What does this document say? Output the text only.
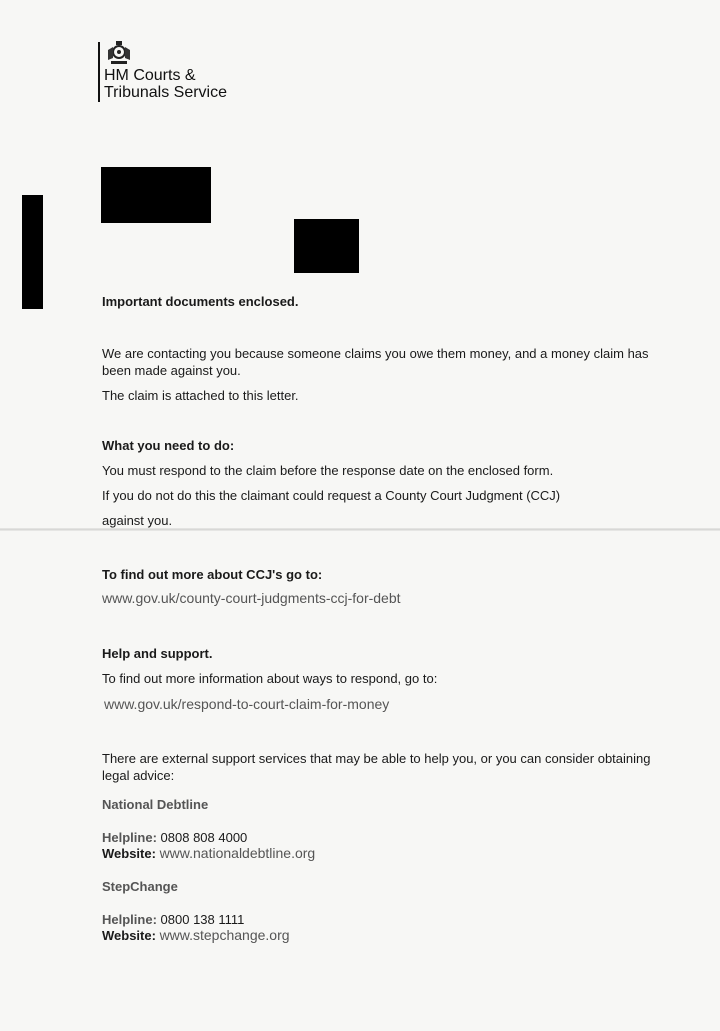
HM Courts &
Tribunals Service
Important documents enclosed.
We are contacting you because someone claims you owe them money, and a money claim has been made against you.
The claim is attached to this letter.
What you need to do:
You must respond to the claim before the response date on the enclosed form.
If you do not do this the claimant could request a County Court Judgment (CCJ)
against you.
To find out more about CCJ's go to:
www.gov.uk/county-court-judgments-ccj-for-debt
Help and support.
To find out more information about ways to respond, go to:
www.gov.uk/respond-to-court-claim-for-money
There are external support services that may be able to help you, or you can consider obtaining legal advice:
National Debtline
Helpline: 0808 808 4000
Website: www.nationaldebtline.org
StepChange
Helpline: 0800 138 1111
Website: www.stepchange.org
